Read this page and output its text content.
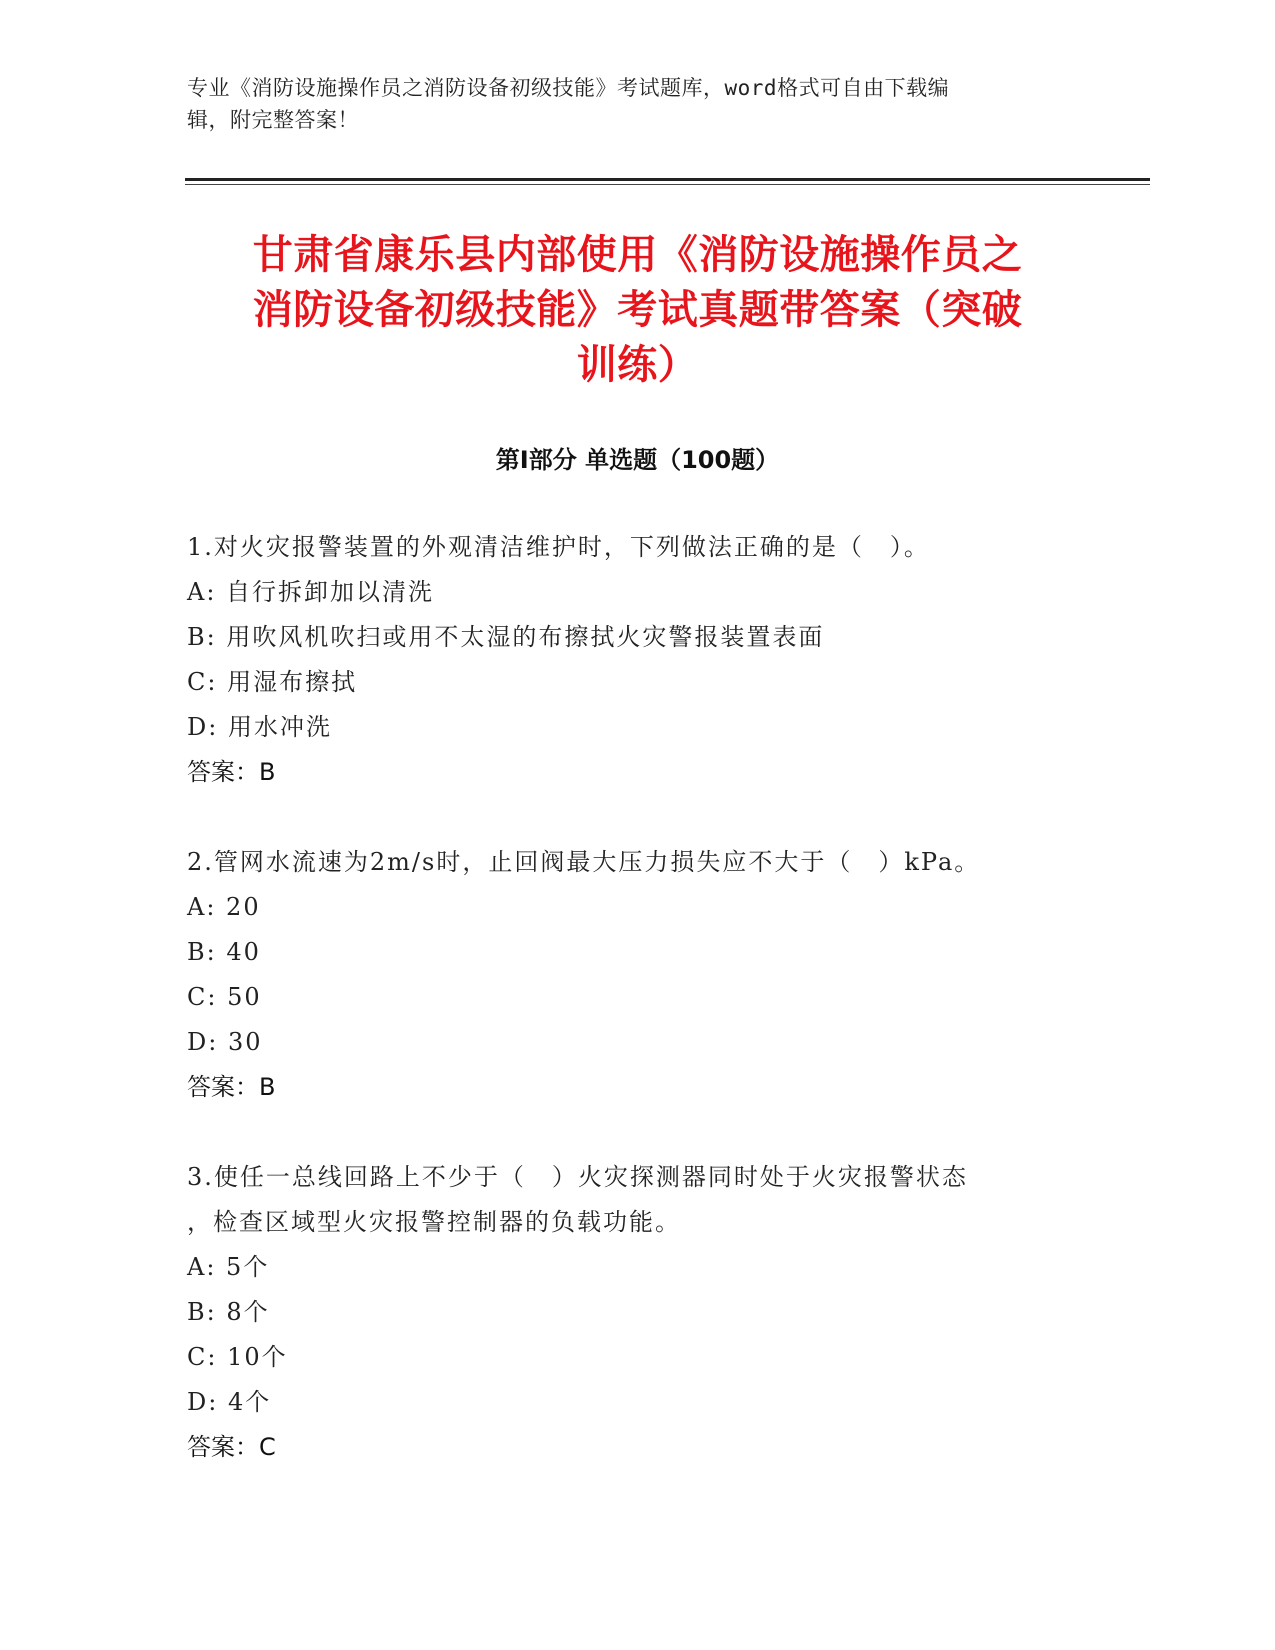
专业《消防设施操作员之消防设备初级技能》考试题库，word格式可自由下载编
辑，附完整答案！
甘肃省康乐县内部使用《消防设施操作员之
消防设备初级技能》考试真题带答案（突破
训练）
第Ⅰ部分 单选题（100题）
1.对火灾报警装置的外观清洁维护时，下列做法正确的是（　）。
A: 自行拆卸加以清洗
B: 用吹风机吹扫或用不太湿的布擦拭火灾警报装置表面
C: 用湿布擦拭
D: 用水冲洗
答案：B
2.管网水流速为2m/s时，止回阀最大压力损失应不大于（　）kPa。
A: 20
B: 40
C: 50
D: 30
答案：B
3.使任一总线回路上不少于（　）火灾探测器同时处于火灾报警状态
，检查区域型火灾报警控制器的负载功能。
A: 5个
B: 8个
C: 10个
D: 4个
答案：C
